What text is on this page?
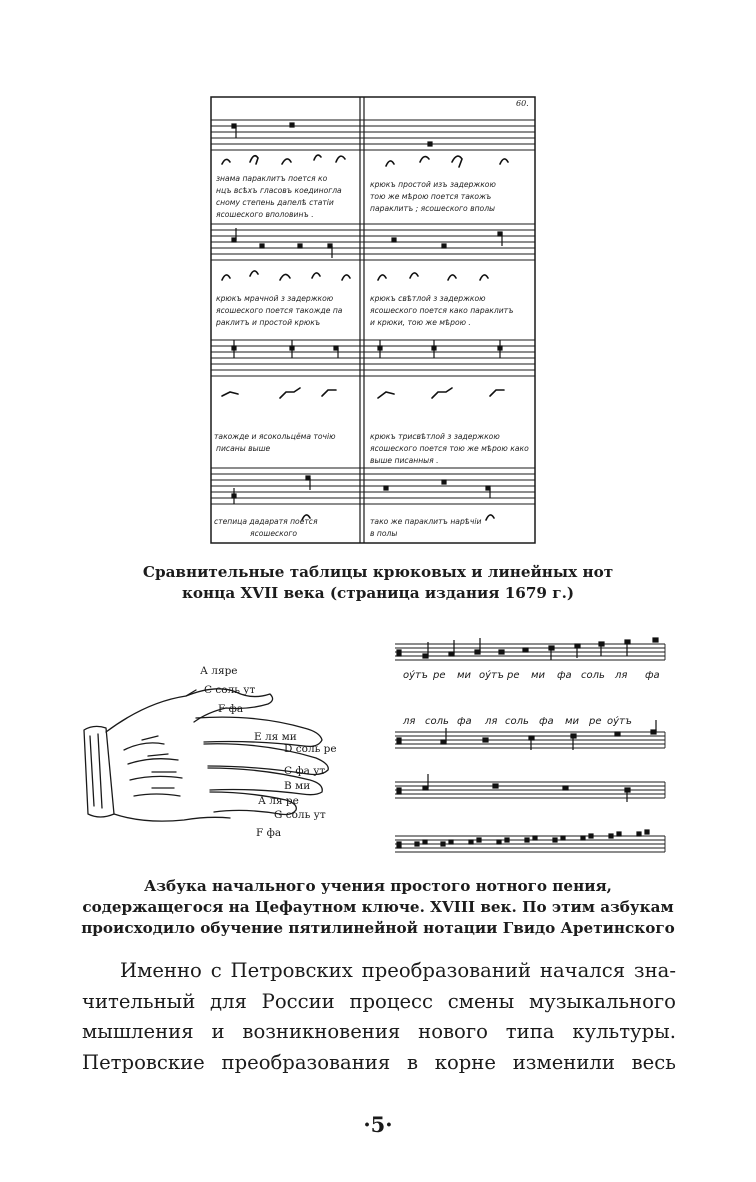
60.
знама параклитъ поется ко
нцъ всѣхъ гласовъ коединогла
сному степень дапелѣ статіи
ясошеского вполовинъ .
крюкъ простой изъ задержкою
тою же мѣрою поется такожъ
параклитъ ; ясошеского вполы
крюкъ мрачной з задержкою
ясошеского поется такожде па
раклитъ и простой крюкъ
крюкъ свѣтлой з задержкою
ясошеского поется како параклитъ
и крюки, тою же мѣрою .
такожде и ясокольцёма точію
писаны выше
крюкъ трисвѣтлой з задержкою
ясошеского поется тою же мѣрою како
выше писанныя .
степица дадаратя поется
ясошеского
тако же параклитъ нарѣчіи
в полы
Сравнительные таблицы крюковых и линейных нот
конца XVII века (страница издания 1679 г.)
А ляре
С соль ут
F фа
Е ля ми
D соль ре
С фа ут
В ми
А ля ре
G соль ут
F фа
оу́тъ ре ми оу́тъ ре ми фа соль ля фа
ля соль фа ля соль фа ми ре оу́тъ
Азбука начального учения простого нотного пения,
содержащегося на Цефаутном ключе. XVIII век. По этим азбукам
происходило обучение пятилинейной нотации Гвидо Аретинского
Именно с Петровских преобразований начался зна-
чительный для России процесс смены музыкального
мышления и возникновения нового типа культуры.
Петровские преобразования в корне изменили весь
·5·
